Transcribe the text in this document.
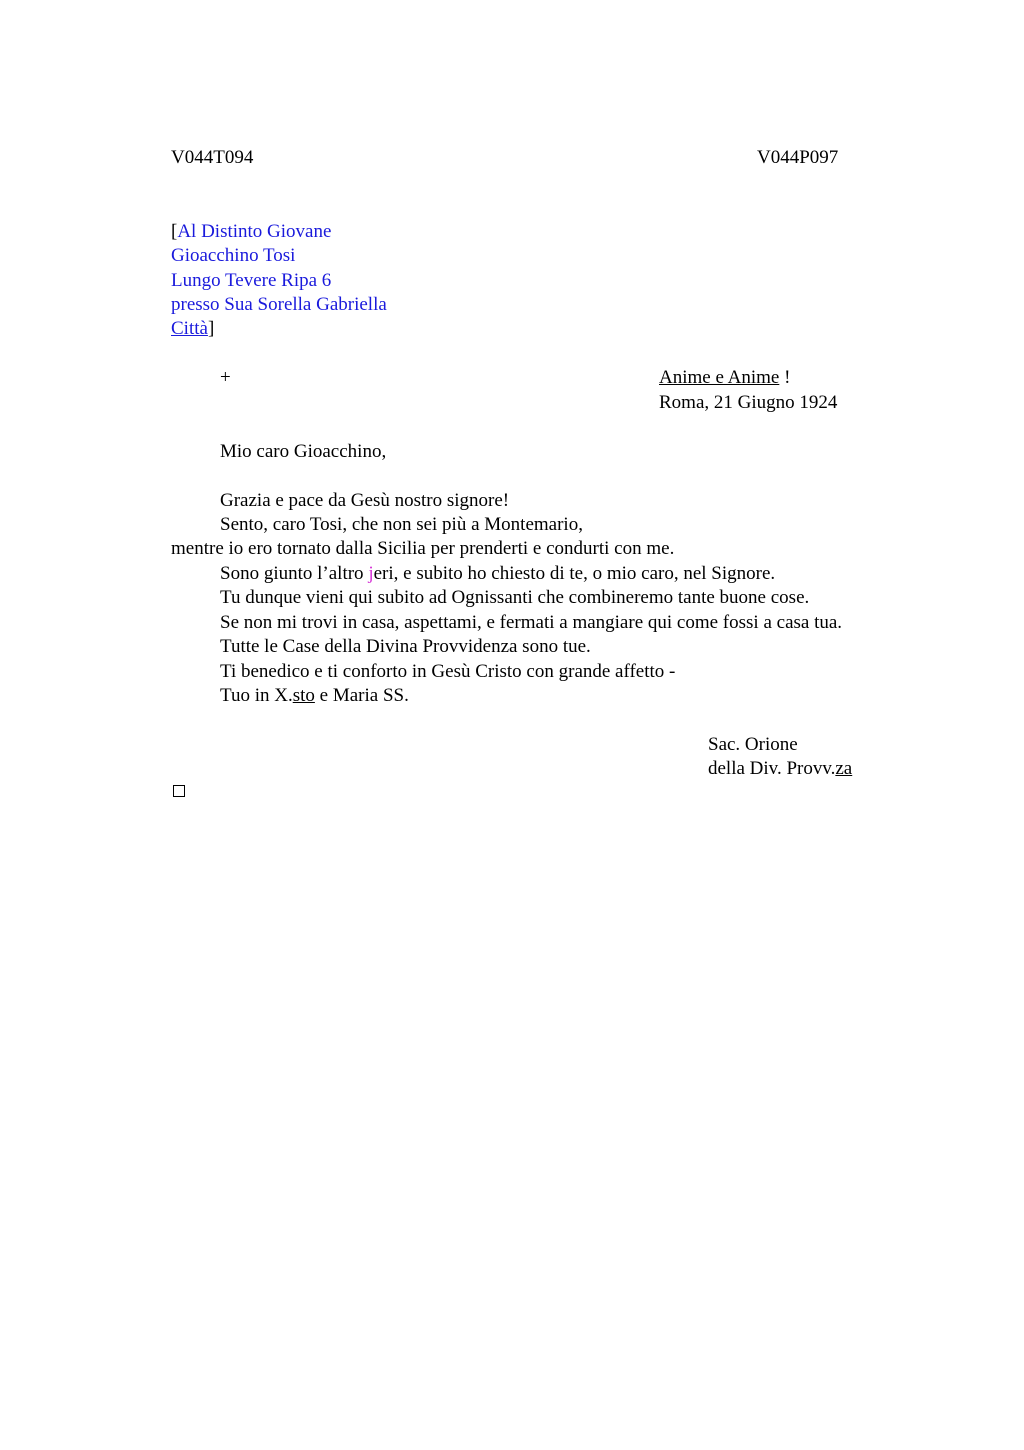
V044T094	V044P097
[Al Distinto Giovane
Gioacchino Tosi
Lungo Tevere Ripa 6
presso Sua Sorella Gabriella
Città]
+	Anime e Anime !
Roma, 21 Giugno 1924
Mio caro Gioacchino,
Grazia e pace da Gesù nostro signore!
Sento, caro Tosi, che non sei più a Montemario,
mentre io ero tornato dalla Sicilia per prenderti e condurti con me.
Sono giunto l’altro jeri, e subito ho chiesto di te, o mio caro, nel Signore.
Tu dunque vieni qui subito ad Ognissanti che combineremo tante buone cose.
Se non mi trovi in casa, aspettami, e fermati a mangiare qui come fossi a casa tua.
Tutte le Case della Divina Provvidenza sono tue.
Ti benedico e ti conforto in Gesù Cristo con grande affetto -
Tuo in X.sto e Maria SS.
Sac. Orione
della Div. Provv.za
